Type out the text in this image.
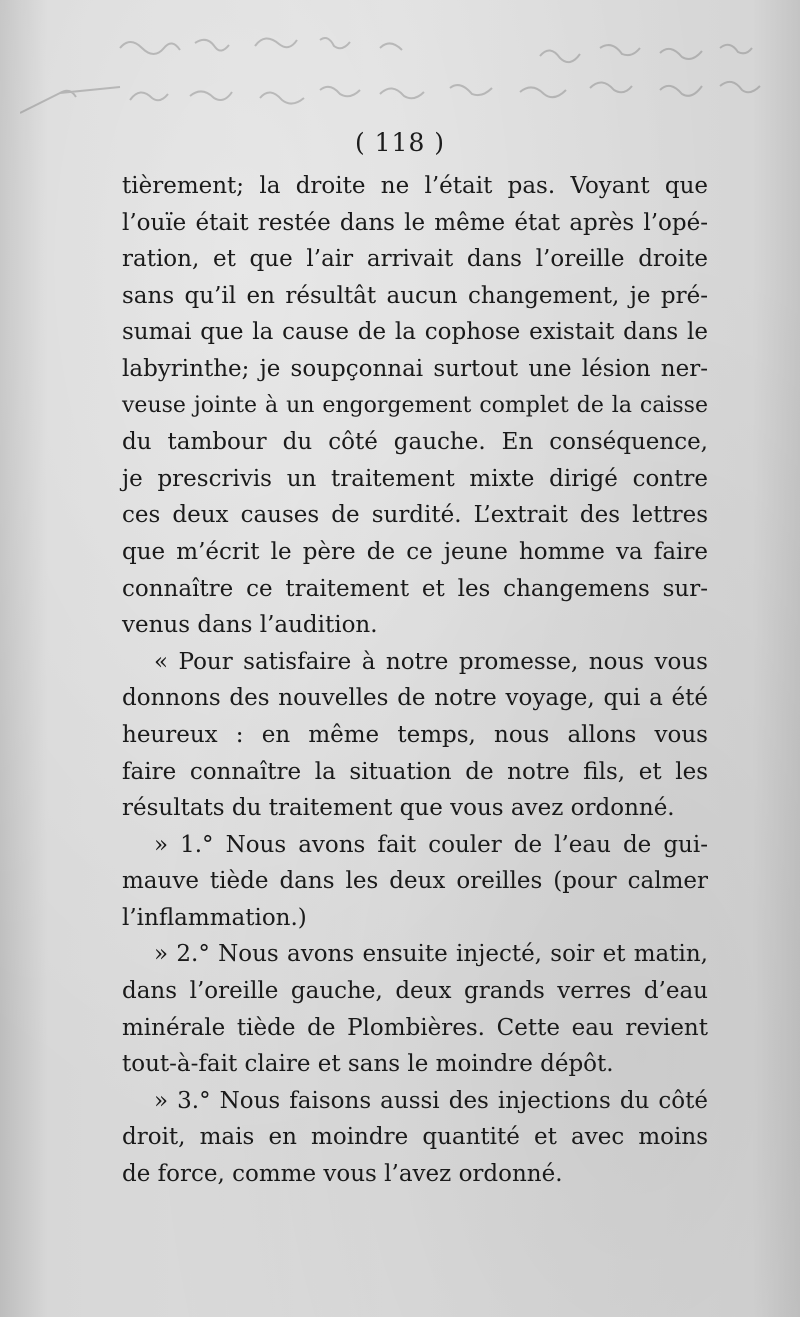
( 118 )
tièrement; la droite ne l’était pas. Voyant que
l’ouïe était restée dans le même état après l’opé-
ration, et que l’air arrivait dans l’oreille droite
sans qu’il en résultât aucun changement, je pré-
sumai que la cause de la cophose existait dans le
labyrinthe; je soupçonnai surtout une lésion ner-
veuse jointe à un engorgement complet de la caisse
du tambour du côté gauche. En conséquence,
je prescrivis un traitement mixte dirigé contre
ces deux causes de surdité. L’extrait des lettres
que m’écrit le père de ce jeune homme va faire
connaître ce traitement et les changemens sur-
venus dans l’audition.
« Pour satisfaire à notre promesse, nous vous
donnons des nouvelles de notre voyage, qui a été
heureux : en même temps, nous allons vous
faire connaître la situation de notre fils, et les
résultats du traitement que vous avez ordonné.
» 1.° Nous avons fait couler de l’eau de gui-
mauve tiède dans les deux oreilles (pour calmer
l’inflammation.)
» 2.° Nous avons ensuite injecté, soir et matin,
dans l’oreille gauche, deux grands verres d’eau
minérale tiède de Plombières. Cette eau revient
tout-à-fait claire et sans le moindre dépôt.
» 3.° Nous faisons aussi des injections du côté
droit, mais en moindre quantité et avec moins
de force, comme vous l’avez ordonné.
